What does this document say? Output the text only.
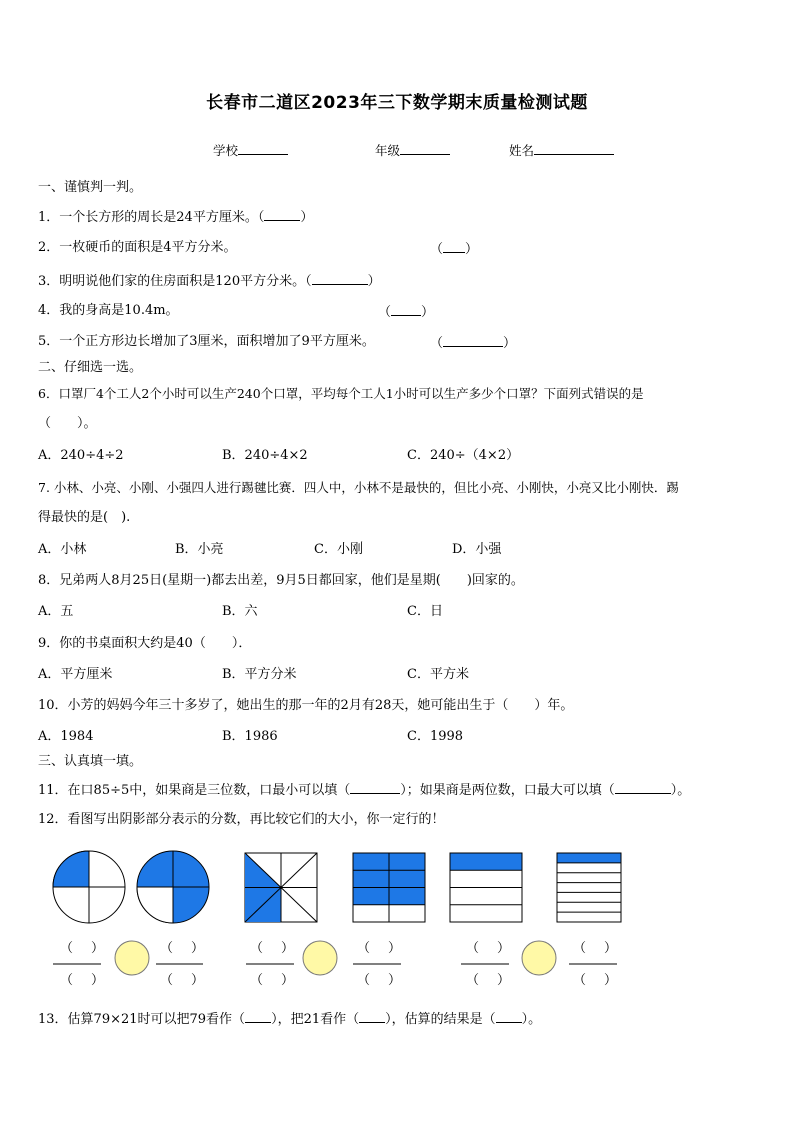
长春市二道区2023年三下数学期末质量检测试题
学校	年级	姓名
一、谨慎判一判。
1．一个长方形的周长是24平方厘米。（	）
2．一枚硬币的面积是4平方分米。	（ ）
3．明明说他们家的住房面积是120平方分米。（	）
4．我的身高是10.4m。	（ ）
5．一个正方形边长增加了3厘米，面积增加了9平方厘米。	（	）
二、仔细选一选。
6．口罩厂4个工人2个小时可以生产240个口罩，平均每个工人1小时可以生产多少个口罩？下面列式错误的是
（　　）。
A．240÷4÷2	B．240÷4×2	C．240÷（4×2）
7. 小林、小亮、小刚、小强四人进行踢毽比赛．四人中，小林不是最快的，但比小亮、小刚快，小亮又比小刚快．踢
得最快的是(　).
A．小林	B．小亮	C．小刚	D．小强
8．兄弟两人8月25日(星期一)都去出差，9月5日都回家，他们是星期(　　)回家的。
A．五	B．六	C．日
9．你的书桌面积大约是40（　　）．
A．平方厘米	B．平方分米	C．平方米
10．小芳的妈妈今年三十多岁了，她出生的那一年的2月有28天，她可能出生于（　　）年。
A．1984	B．1986	C．1998
三、认真填一填。
11．在口85÷5中，如果商是三位数，口最小可以填（	）；如果商是两位数，口最大可以填（	）。
12．看图写出阴影部分表示的分数，再比较它们的大小，你一定行的！
（ ）
（ ）
（ ）
（ ）
（ ）
（ ）
（ ）
（ ）
（ ）
（ ）
（ ）
（ ）
13．估算79×21时可以把79看作（ ），把21看作（ ），估算的结果是（ ）。
